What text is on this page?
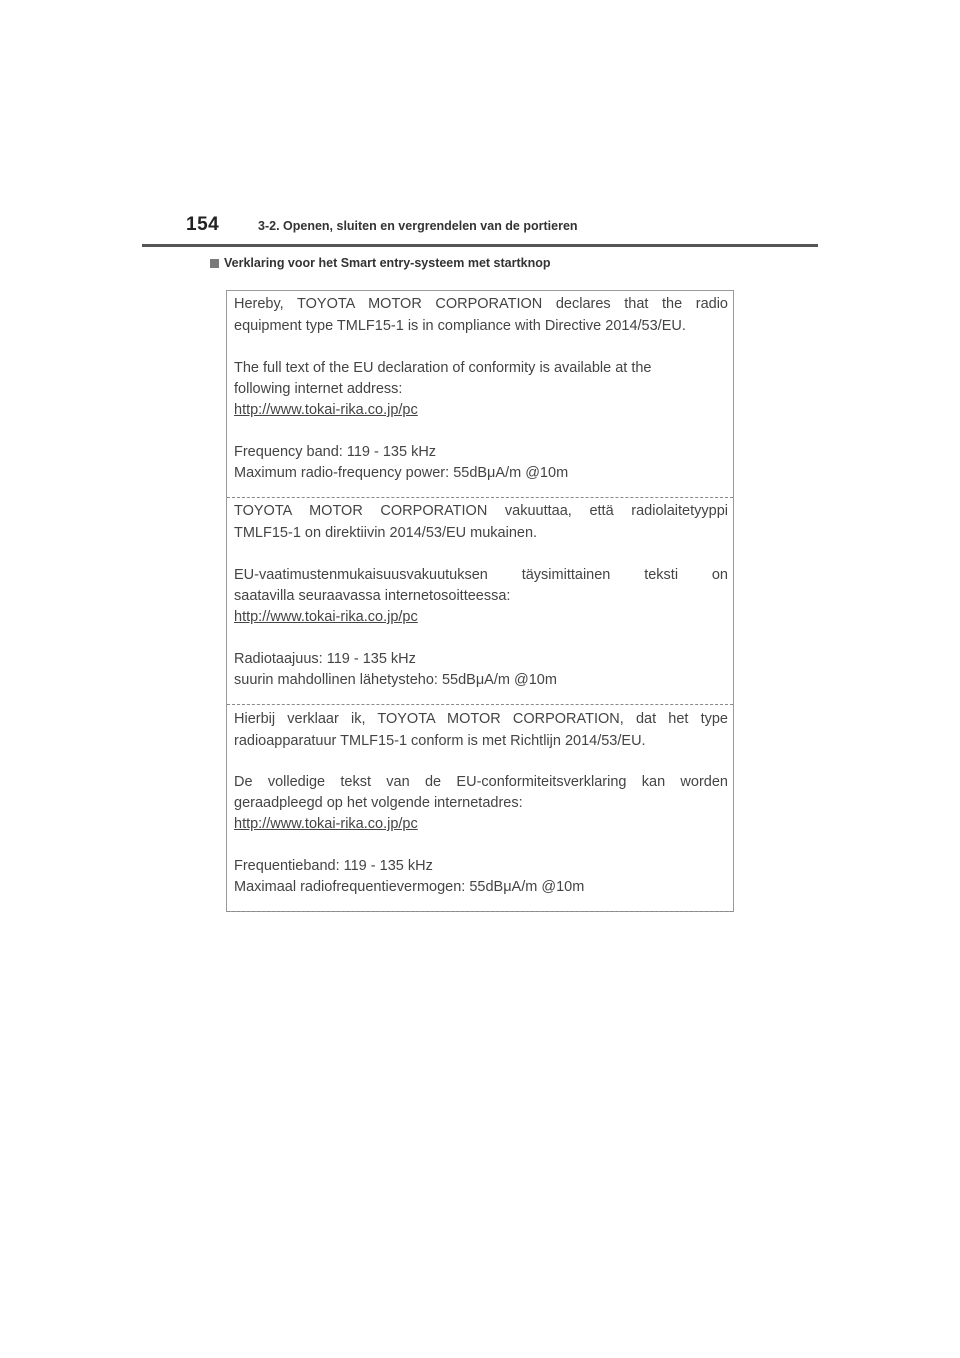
154	3-2. Openen, sluiten en vergrendelen van de portieren
Verklaring voor het Smart entry-systeem met startknop
Hereby, TOYOTA MOTOR CORPORATION declares that the radio
equipment type TMLF15-1 is in compliance with Directive 2014/53/EU.
The full text of the EU declaration of conformity is available at the
following internet address:
http://www.tokai-rika.co.jp/pc
Frequency band: 119 - 135 kHz
Maximum radio-frequency power: 55dBμA/m @10m
TOYOTA MOTOR CORPORATION vakuuttaa, että radiolaitetyyppi
TMLF15-1 on direktiivin 2014/53/EU mukainen.
EU-vaatimustenmukaisuusvakuutuksen täysimittainen teksti on
saatavilla seuraavassa internetosoitteessa:
http://www.tokai-rika.co.jp/pc
Radiotaajuus: 119 - 135 kHz
suurin mahdollinen lähetysteho: 55dBμA/m @10m
Hierbij verklaar ik, TOYOTA MOTOR CORPORATION, dat het type
radioapparatuur TMLF15-1 conform is met Richtlijn 2014/53/EU.
De volledige tekst van de EU-conformiteitsverklaring kan worden
geraadpleegd op het volgende internetadres:
http://www.tokai-rika.co.jp/pc
Frequentieband: 119 - 135 kHz
Maximaal radiofrequentievermogen: 55dBμA/m @10m
